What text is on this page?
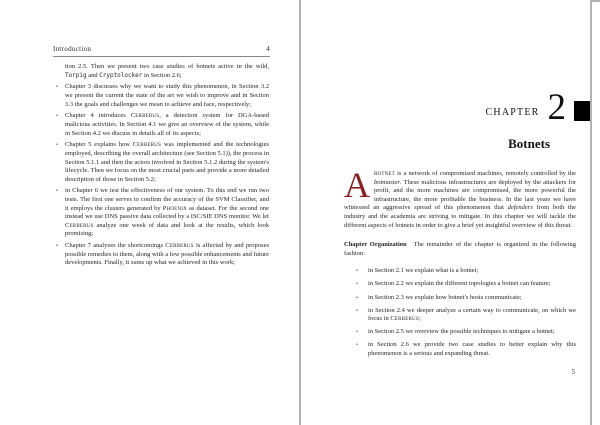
Introduction	4
tion 2.5. Then we present two case studies of botnets active in the wild, Torpig and Cryptolocker in Section 2.6;
• Chapter 3 discusses why we want to study this phenomenon, in Section 3.2 we present the current the state of the art we wish to improve and in Section 3.3 the goals and challenges we mean to achieve and face, respectively;
• Chapter 4 introduces Cerberus, a detection system for DGA-based malicious activities. In Section 4.1 we give an overview of the system, while in Section 4.2 we discuss in details all of its aspects;
• Chapter 5 explains how Cerberus was implemented and the technologies employed, describing the overall architecture (see Section 5.1)), the process in Section 5.1.1 and then the actors involved in Section 5.1.2 during the system's lifecycle. Then we focus on the most crucial parts and provide a more detailed description of those in Section 5.2;
• in Chapter 6 we test the effectiveness of our system. To this end we run two tests. The first one serves to confirm the accuracy of the SVM Classifier, and it employs the clusters generated by Phoenix as dataset. For the second one instead we use DNS passive data collected by a ISC/SIE DNS monitor. We let Cerberus analyze one week of data and look at the results, which look promising;
• Chapter 7 analyzes the shortcomings Cerberus is affected by and proposes possible remedies to them, along with a few possible enhancements and future developments. Finally, it sums up what we achieved in this work;
CHAPTER 2
Botnets

Abotnet is a network of compromised machines, remotely controlled by the botmaster. These malicious infrastructures are deployed by the attackers for profit, and the more machines are compromised, the more powerful the infrastructure, the more profitable the business. In the last years we have witnessed an aggressive spread of this phenomenon that defenders from both the industry and the academia are striving to mitigate. In this chapter we will tackle the different aspects of botnets in order to give a brief yet insightful overview of this threat.

Chapter Organization The remainder of the chapter is organized in the following fashion:

• in Section 2.1 we explain what is a botnet;
• in Section 2.2 we explain the different topologies a botnet can feature;
• in Section 2.3 we explain how botnet's hosts communicate;
• in Section 2.4 we deeper analyze a certain way to communicate, on which we focus in Cerberus;
• in Section 2.5 we overview the possible techniques to mitigate a botnet;
• in Section 2.6 we provide two case studies to better explain why this phenomenon is a serious and expanding threat.
5
